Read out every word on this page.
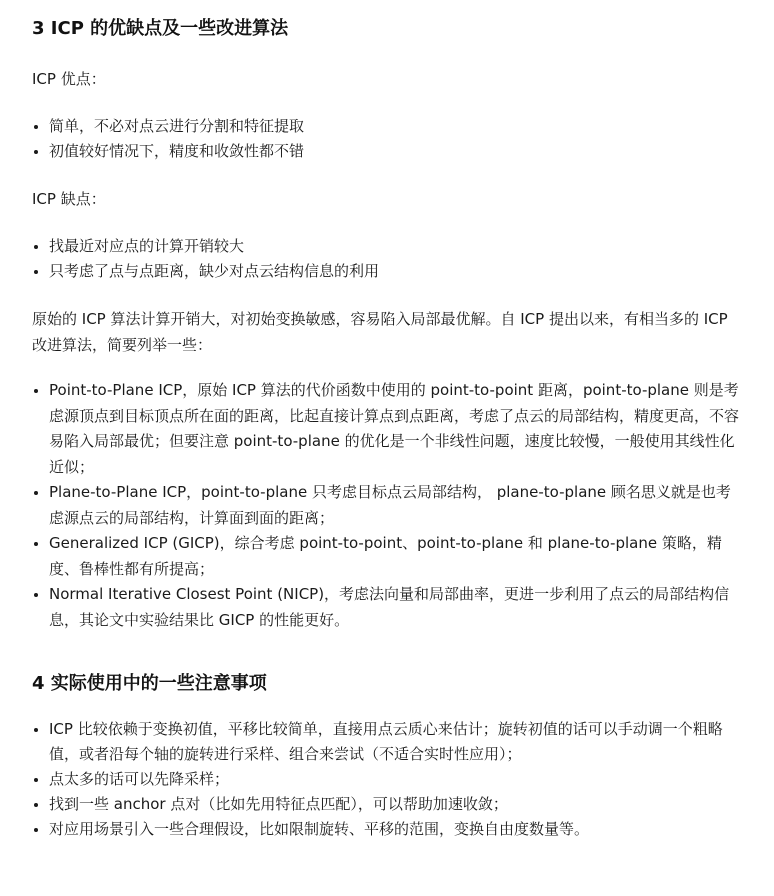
3 ICP 的优缺点及一些改进算法

ICP 优点：

简单，不必对点云进行分割和特征提取
初值较好情况下，精度和收敛性都不错

ICP 缺点：

找最近对应点的计算开销较大
只考虑了点与点距离，缺少对点云结构信息的利用

原始的 ICP 算法计算开销大，对初始变换敏感，容易陷入局部最优解。自 ICP 提出以来，有相当多的 ICP 改进算法，简要列举一些：

Point-to-Plane ICP，原始 ICP 算法的代价函数中使用的 point-to-point 距离，point-to-plane 则是考虑源顶点到目标顶点所在面的距离，比起直接计算点到点距离，考虑了点云的局部结构，精度更高，不容易陷入局部最优；但要注意 point-to-plane 的优化是一个非线性问题，速度比较慢，一般使用其线性化近似；
Plane-to-Plane ICP，point-to-plane 只考虑目标点云局部结构， plane-to-plane 顾名思义就是也考虑源点云的局部结构，计算面到面的距离；
Generalized ICP (GICP)，综合考虑 point-to-point、point-to-plane 和 plane-to-plane 策略，精度、鲁棒性都有所提高；
Normal Iterative Closest Point (NICP)，考虑法向量和局部曲率，更进一步利用了点云的局部结构信息，其论文中实验结果比 GICP 的性能更好。
4 实际使用中的一些注意事项
ICP 比较依赖于变换初值，平移比较简单，直接用点云质心来估计；旋转初值的话可以手动调一个粗略值，或者沿每个轴的旋转进行采样、组合来尝试（不适合实时性应用）；
点太多的话可以先降采样；
找到一些 anchor 点对（比如先用特征点匹配），可以帮助加速收敛；
对应用场景引入一些合理假设，比如限制旋转、平移的范围，变换自由度数量等。
